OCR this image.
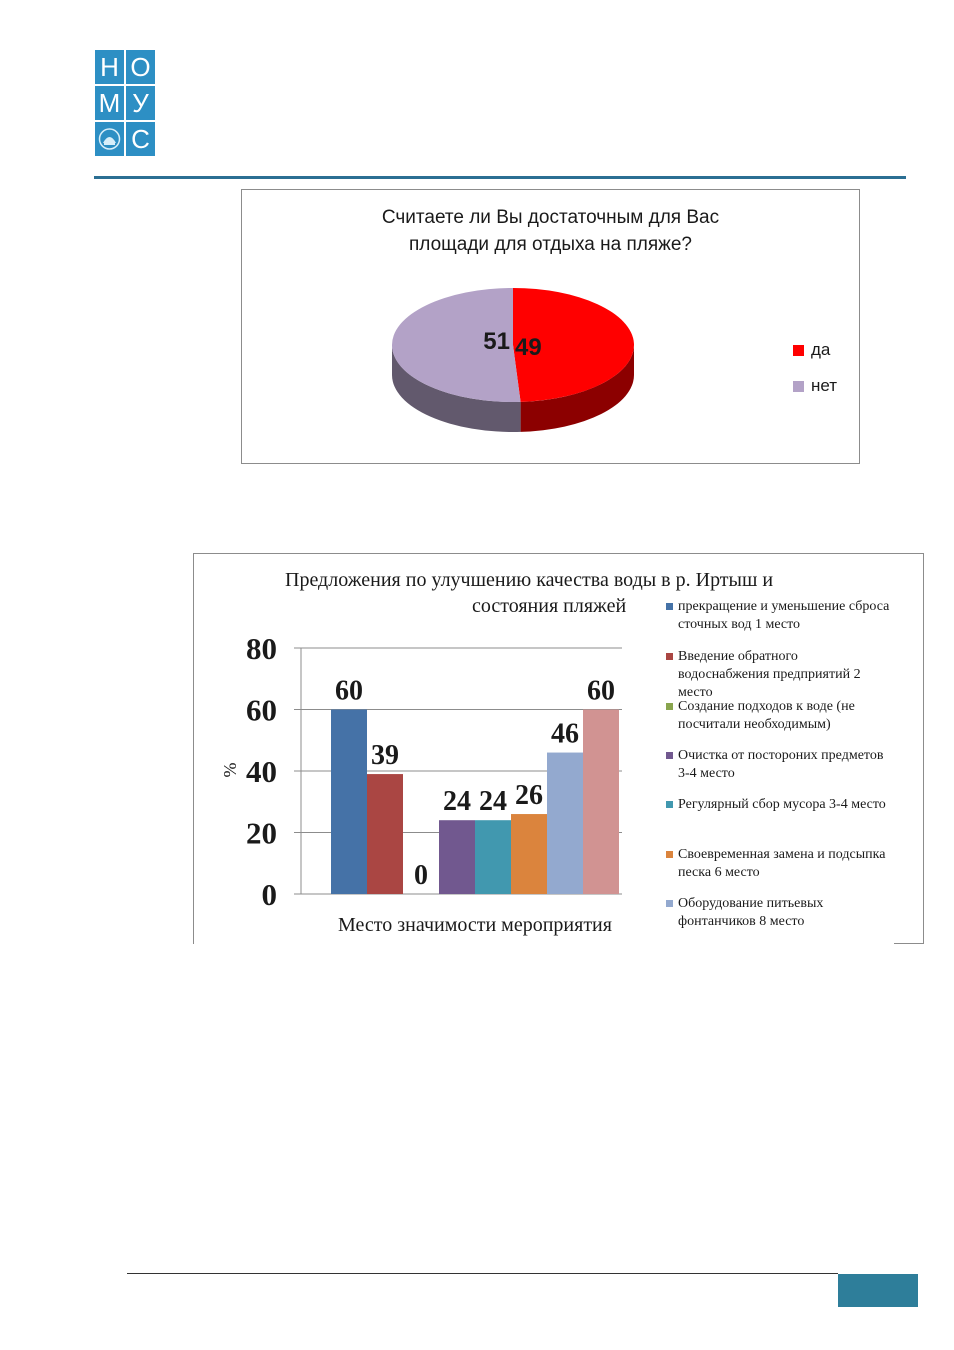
Н О
М У
С
Считаете ли Вы достаточным для Вас
площади для отдыха на пляже?
49
51	да
нет
Предложения по улучшению качества воды в р. Иртыш и
состояния пляжей
0
20
40
60
80
%
Место значимости мероприятия
60
39
0
24 24 26
46
60
прекращение и уменьшение сброса
сточных вод 1 место
Введение обратного
водоснабжения предприятий 2
место
Создание подходов к воде (не
посчитали необходимым)
Очистка от посторониx предметов
3-4 место
Регулярный сбор мусора 3-4 место
Своевременная замена и подсыпка
песка 6 место
Оборудование питьевых
фонтанчиков 8 место
